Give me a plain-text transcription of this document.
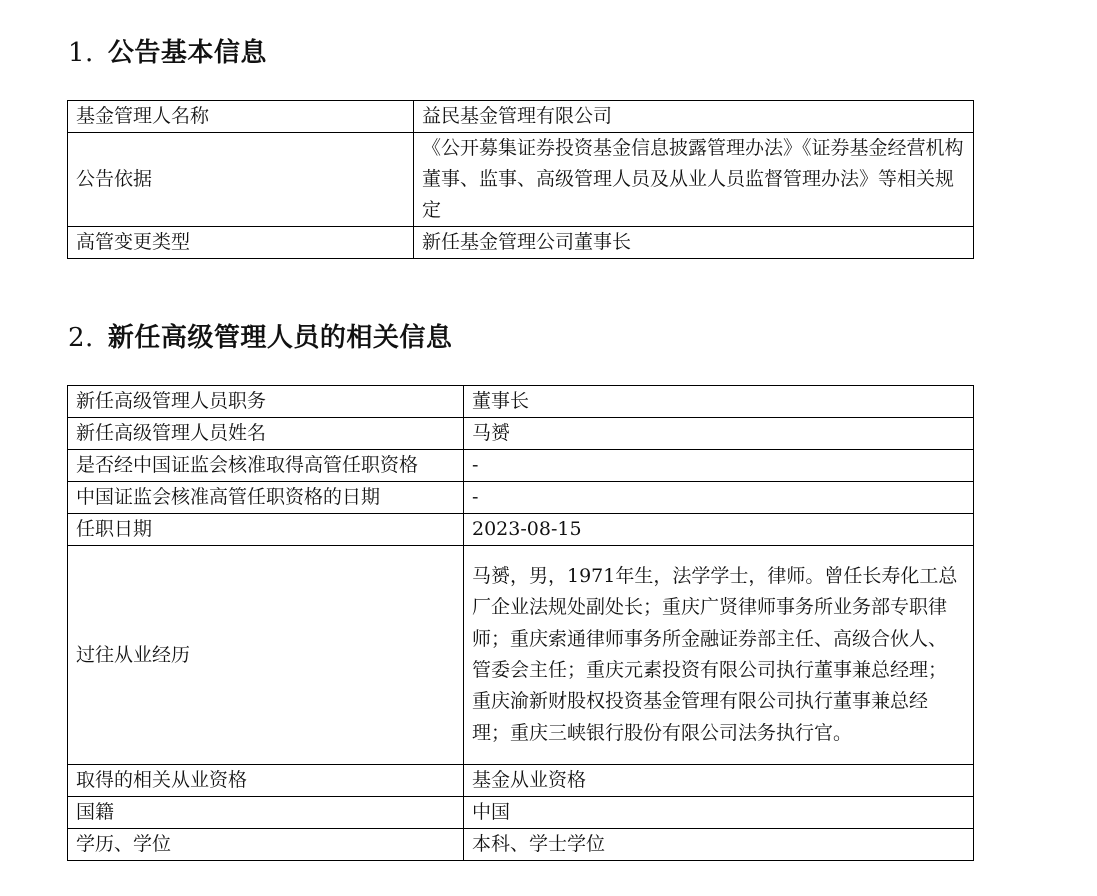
1. 公告基本信息
基金管理人名称	益民基金管理有限公司
公告依据	《公开募集证券投资基金信息披露管理办法》《证券基金经营机构董事、监事、高级管理人员及从业人员监督管理办法》等相关规定

高管变更类型	新任基金管理公司董事长
2. 新任高级管理人员的相关信息
新任高级管理人员职务	董事长
新任高级管理人员姓名	马赟
是否经中国证监会核准取得高管任职资格	-
中国证监会核准高管任职资格的日期	-
任职日期	2023-08-15
过往从业经历	马赟，男，1971年生，法学学士，律师。曾任长寿化工总厂企业法规处副处长；重庆广贤律师事务所业务部专职律师；重庆索通律师事务所金融证券部主任、高级合伙人、管委会主任；重庆元素投资有限公司执行董事兼总经理；重庆渝新财股权投资基金管理有限公司执行董事兼总经理；重庆三峡银行股份有限公司法务执行官。

取得的相关从业资格	基金从业资格
国籍	中国
学历、学位	本科、学士学位
